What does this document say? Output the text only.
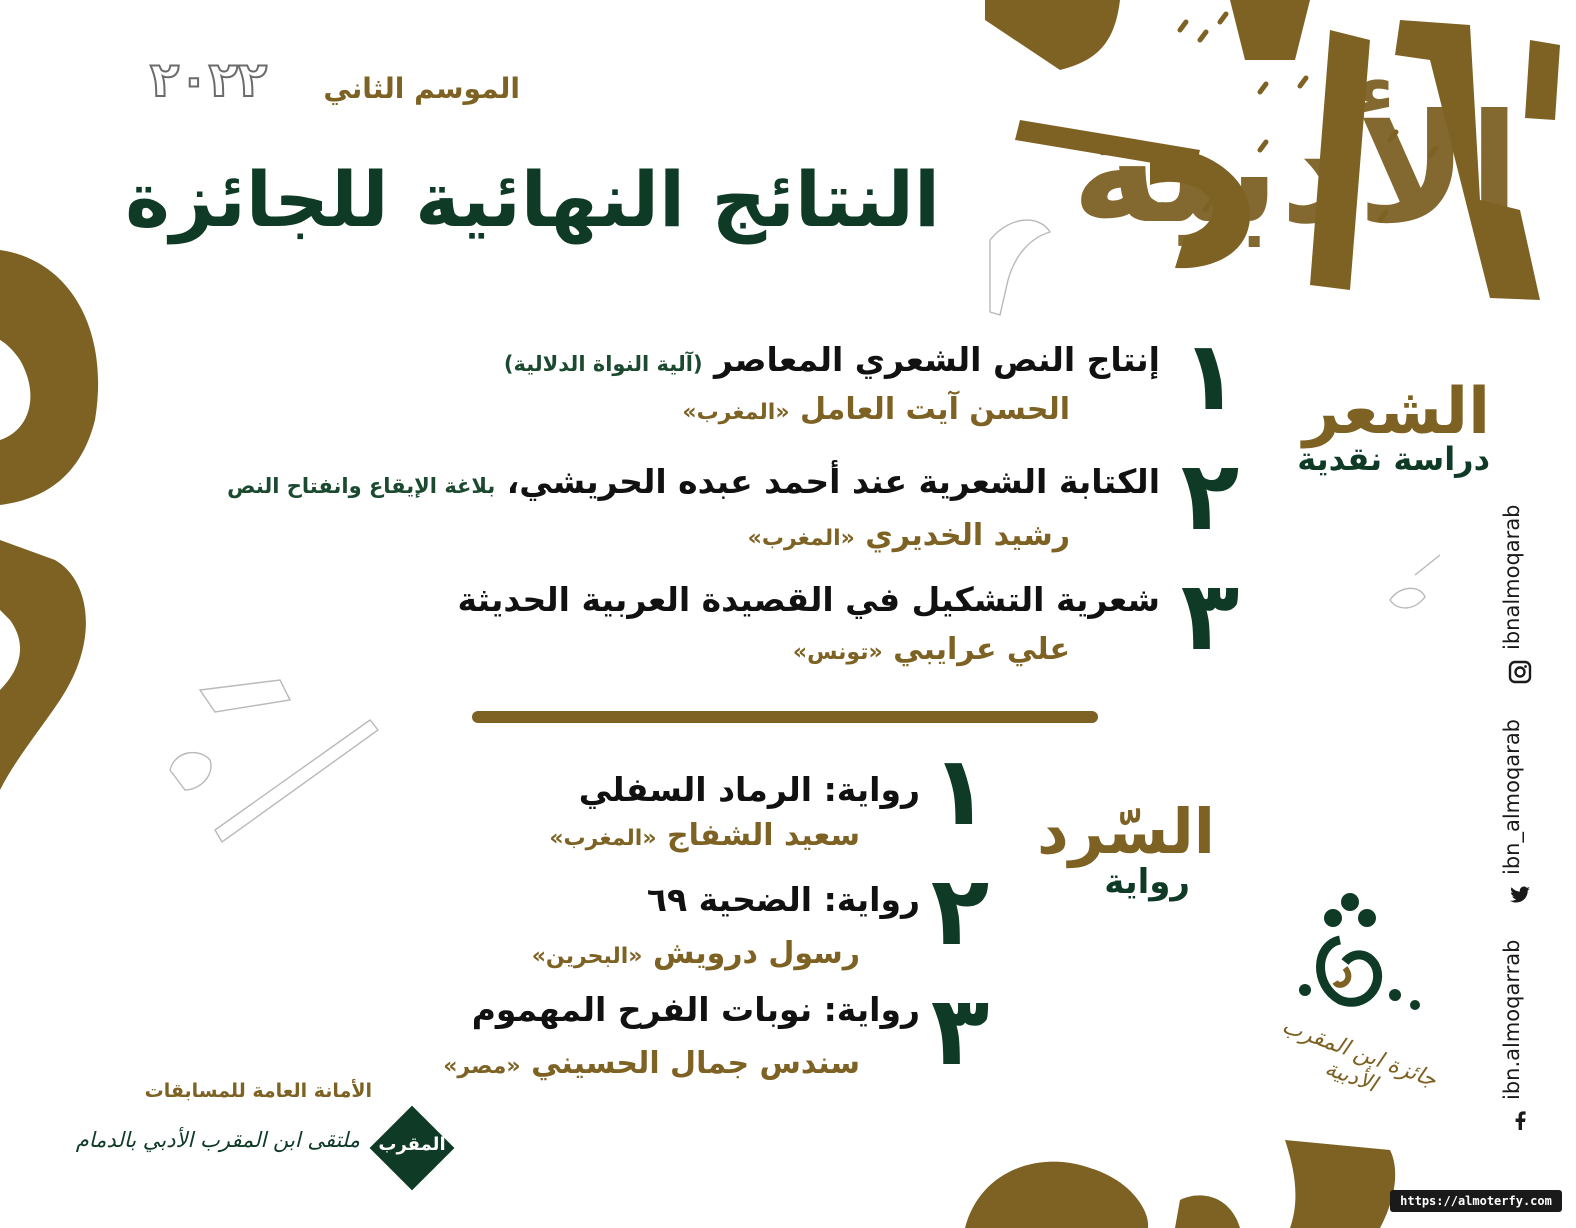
٢٠٢٢ الموسم الثاني
النتائج النهائية للجائزة الأدبية
١
إنتاج النص الشعري المعاصر (آلية النواة الدلالية)
الحسن آيت العامل «المغرب»
٢
الكتابة الشعرية عند أحمد عبده الحريشي، بلاغة الإيقاع وانفتاح النص
رشيد الخديري «المغرب»
٣
شعرية التشكيل في القصيدة العربية الحديثة
علي عرايبي «تونس»
الشعر
دراسة نقدية
١
رواية: الرماد السفلي
سعيد الشفاج «المغرب»
٢
رواية: الضحية ٦٩
رسول درويش «البحرين»
٣
رواية: نوبات الفرح المهموم
سندس جمال الحسيني «مصر»
السّرد
رواية
ibnalmoqarab
ibn_almoqarab
ibn.almoqarrab
جائزة ابن المقرب الأدبية
الأمانة العامة للمسابقات
ملتقى ابن المقرب الأدبي بالدمام	المقرب
https://almoterfy.com
